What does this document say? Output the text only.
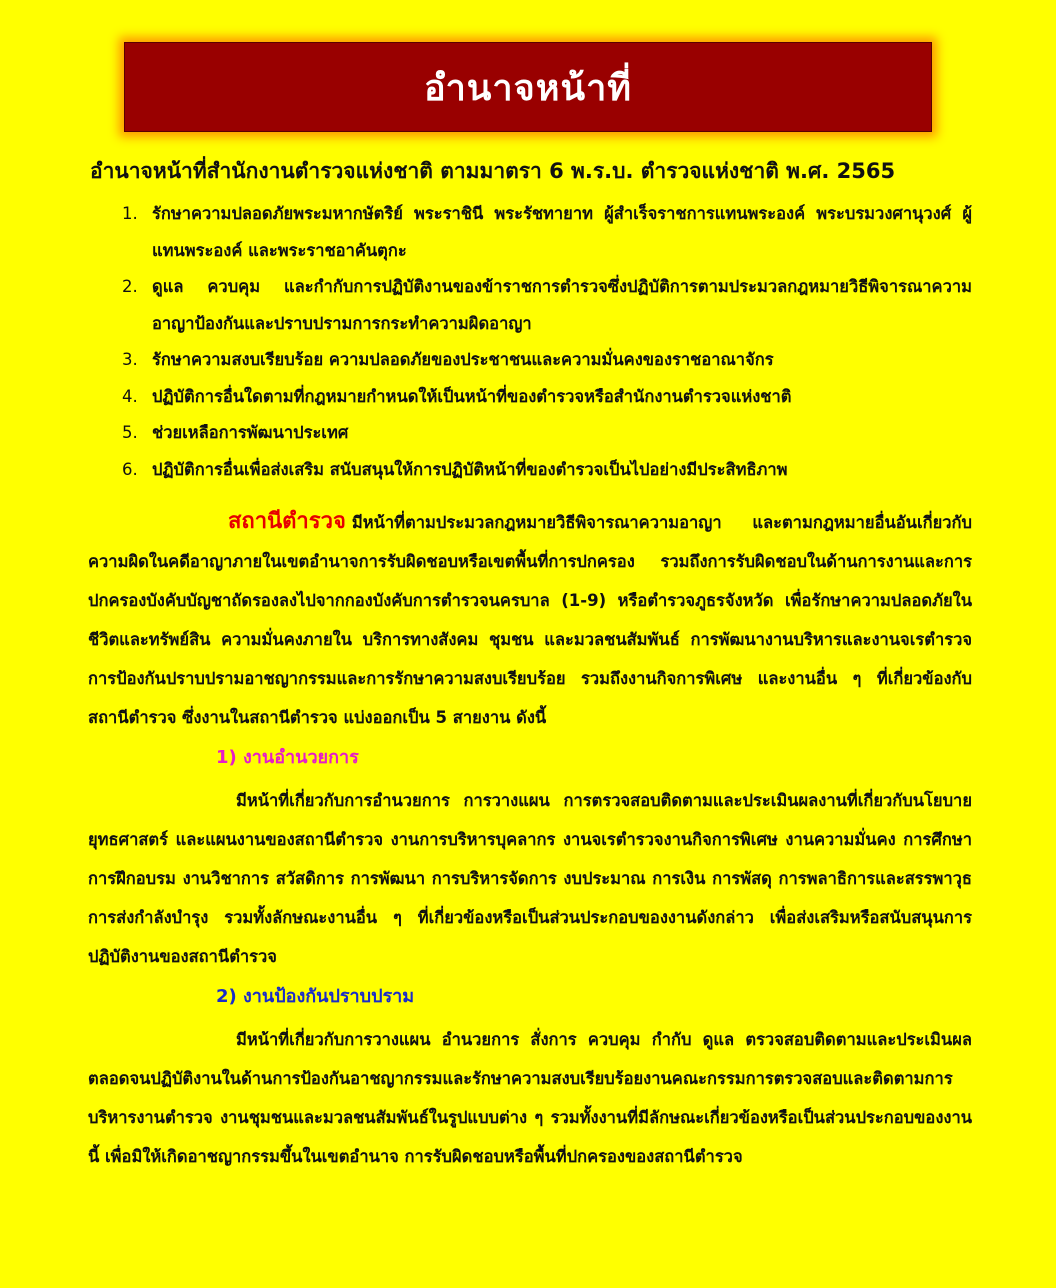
อำนาจหน้าที่
อำนาจหน้าที่สำนักงานตำรวจแห่งชาติ ตามมาตรา 6 พ.ร.บ. ตำรวจแห่งชาติ พ.ศ. 2565
1. รักษาความปลอดภัยพระมหากษัตริย์ พระราชินี พระรัชทายาท ผู้สำเร็จราชการแทนพระองค์ พระบรมวงศานุวงศ์ ผู้แทนพระองค์ และพระราชอาคันตุกะ
2. ดูแล ควบคุม และกำกับการปฏิบัติงานของข้าราชการตำรวจซึ่งปฏิบัติการตามประมวลกฎหมายวิธีพิจารณาความอาญาป้องกันและปราบปรามการกระทำความผิดอาญา
3. รักษาความสงบเรียบร้อย ความปลอดภัยของประชาชนและความมั่นคงของราชอาณาจักร
4. ปฏิบัติการอื่นใดตามที่กฎหมายกำหนดให้เป็นหน้าที่ของตำรวจหรือสำนักงานตำรวจแห่งชาติ
5. ช่วยเหลือการพัฒนาประเทศ
6. ปฏิบัติการอื่นเพื่อส่งเสริม สนับสนุนให้การปฏิบัติหน้าที่ของตำรวจเป็นไปอย่างมีประสิทธิภาพ

สถานีตำรวจ มีหน้าที่ตามประมวลกฎหมายวิธีพิจารณาความอาญา และตามกฎหมายอื่นอันเกี่ยวกับความผิดในคดีอาญาภายในเขตอำนาจการรับผิดชอบหรือเขตพื้นที่การปกครอง รวมถึงการรับผิดชอบในด้านการงานและการปกครองบังคับบัญชาถัดรองลงไปจากกองบังคับการตำรวจนครบาล (1-9) หรือตำรวจภูธรจังหวัด เพื่อรักษาความปลอดภัยในชีวิตและทรัพย์สิน ความมั่นคงภายใน บริการทางสังคม ชุมชน และมวลชนสัมพันธ์ การพัฒนางานบริหารและงานจเรตำรวจ การป้องกันปราบปรามอาชญากรรมและการรักษาความสงบเรียบร้อย รวมถึงงานกิจการพิเศษ และงานอื่น ๆ ที่เกี่ยวข้องกับสถานีตำรวจ ซึ่งงานในสถานีตำรวจ แบ่งออกเป็น 5 สายงาน ดังนี้

1) งานอำนวยการ

มีหน้าที่เกี่ยวกับการอำนวยการ การวางแผน การตรวจสอบติดตามและประเมินผลงานที่เกี่ยวกับนโยบาย ยุทธศาสตร์ และแผนงานของสถานีตำรวจ งานการบริหารบุคลากร งานจเรตำรวจงานกิจการพิเศษ งานความมั่นคง การศึกษา การฝึกอบรม งานวิชาการ สวัสดิการ การพัฒนา การบริหารจัดการ งบประมาณ การเงิน การพัสดุ การพลาธิการและสรรพาวุธ การส่งกำลังบำรุง รวมทั้งลักษณะงานอื่น ๆ ที่เกี่ยวข้องหรือเป็นส่วนประกอบของงานดังกล่าว เพื่อส่งเสริมหรือสนับสนุนการปฏิบัติงานของสถานีตำรวจ

2) งานป้องกันปราบปราม

มีหน้าที่เกี่ยวกับการวางแผน อำนวยการ สั่งการ ควบคุม กำกับ ดูแล ตรวจสอบติดตามและประเมินผล ตลอดจนปฏิบัติงานในด้านการป้องกันอาชญากรรมและรักษาความสงบเรียบร้อยงานคณะกรรมการตรวจสอบและติดตามการบริหารงานตำรวจ งานชุมชนและมวลชนสัมพันธ์ในรูปแบบต่าง ๆ รวมทั้งงานที่มีลักษณะเกี่ยวข้องหรือเป็นส่วนประกอบของงานนี้ เพื่อมิให้เกิดอาชญากรรมขึ้นในเขตอำนาจ การรับผิดชอบหรือพื้นที่ปกครองของสถานีตำรวจ
